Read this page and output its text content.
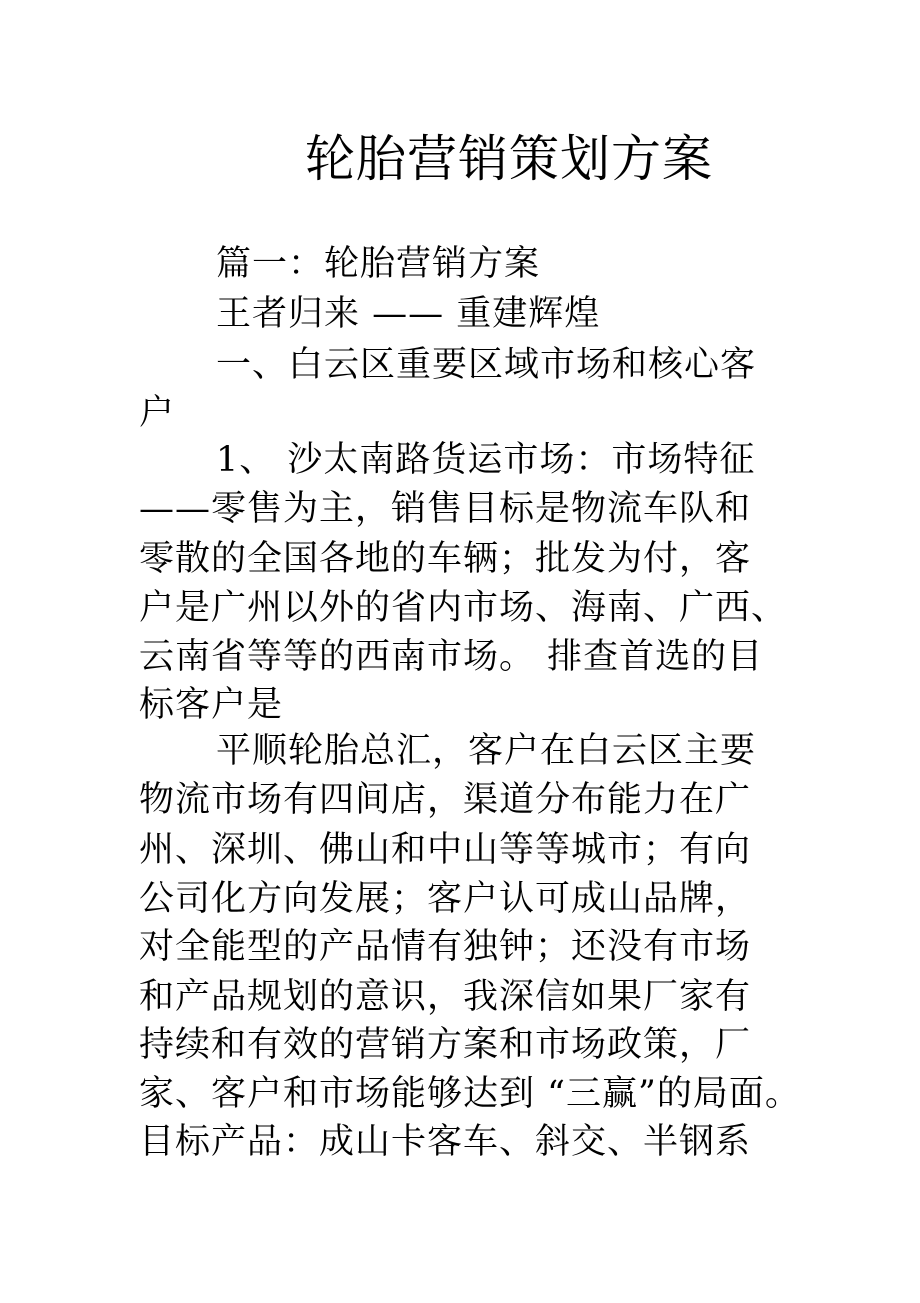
轮胎营销策划方案
篇一：轮胎营销方案
王者归来 —— 重建辉煌
一、白云区重要区域市场和核心客
户
1、 沙太南路货运市场：市场特征
——零售为主，销售目标是物流车队和
零散的全国各地的车辆；批发为付，客
户是广州以外的省内市场、海南、广西、
云南省等等的西南市场。 排查首选的目
标客户是
平顺轮胎总汇，客户在白云区主要
物流市场有四间店，渠道分布能力在广
州、深圳、佛山和中山等等城市；有向
公司化方向发展；客户认可成山品牌，
对全能型的产品情有独钟；还没有市场
和产品规划的意识，我深信如果厂家有
持续和有效的营销方案和市场政策，厂
家、客户和市场能够达到 “三赢”的局面。
目标产品：成山卡客车、斜交、半钢系
